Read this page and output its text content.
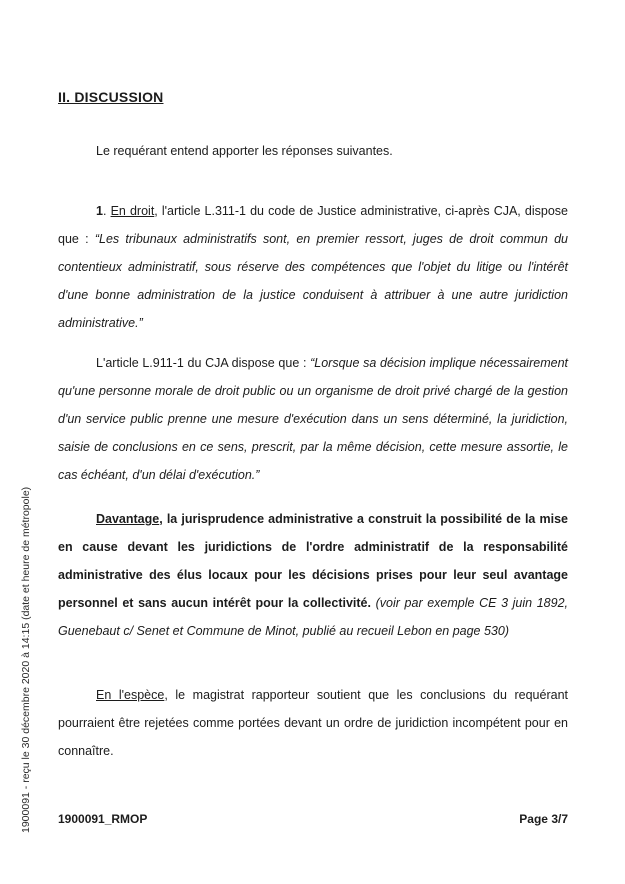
1900091 - reçu le 30 décembre 2020 à 14:15 (date et heure de métropole)
II. DISCUSSION

Le requérant entend apporter les réponses suivantes.

1. En droit, l'article L.311-1 du code de Justice administrative, ci-après CJA, dispose que : “Les tribunaux administratifs sont, en premier ressort, juges de droit commun du contentieux administratif, sous réserve des compétences que l'objet du litige ou l'intérêt d'une bonne administration de la justice conduisent à attribuer à une autre juridiction administrative.”

L'article L.911-1 du CJA dispose que : “Lorsque sa décision implique nécessairement qu'une personne morale de droit public ou un organisme de droit privé chargé de la gestion d'un service public prenne une mesure d'exécution dans un sens déterminé, la juridiction, saisie de conclusions en ce sens, prescrit, par la même décision, cette mesure assortie, le cas échéant, d'un délai d'exécution.”

Davantage, la jurisprudence administrative a construit la possibilité de la mise en cause devant les juridictions de l'ordre administratif de la responsabilité administrative des élus locaux pour les décisions prises pour leur seul avantage personnel et sans aucun intérêt pour la collectivité. (voir par exemple CE 3 juin 1892, Guenebaut c/ Senet et Commune de Minot, publié au recueil Lebon en page 530)

En l'espèce, le magistrat rapporteur soutient que les conclusions du requérant pourraient être rejetées comme portées devant un ordre de juridiction incompétent pour en connaître.

1900091_RMOP	Page 3/7
